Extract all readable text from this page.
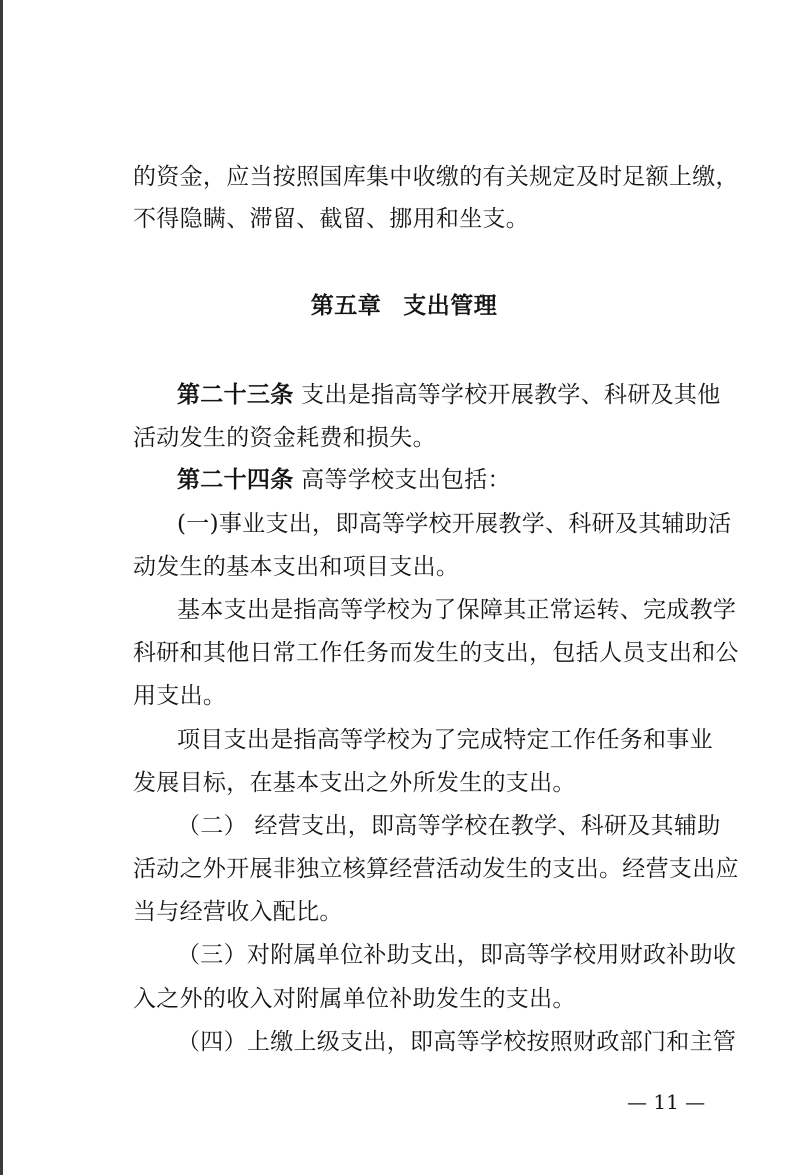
的资金，应当按照国库集中收缴的有关规定及时足额上缴，
不得隐瞒、滞留、截留、挪用和坐支。
第五章 支出管理
第二十三条 支出是指高等学校开展教学、科研及其他
活动发生的资金耗费和损失。
第二十四条 高等学校支出包括：
(一)事业支出，即高等学校开展教学、科研及其辅助活
动发生的基本支出和项目支出。
基本支出是指高等学校为了保障其正常运转、完成教学
科研和其他日常工作任务而发生的支出，包括人员支出和公
用支出。
项目支出是指高等学校为了完成特定工作任务和事业
发展目标，在基本支出之外所发生的支出。
（二） 经营支出，即高等学校在教学、科研及其辅助
活动之外开展非独立核算经营活动发生的支出。经营支出应
当与经营收入配比。
（三）对附属单位补助支出，即高等学校用财政补助收
入之外的收入对附属单位补助发生的支出。
（四）上缴上级支出，即高等学校按照财政部门和主管
— 11 —
